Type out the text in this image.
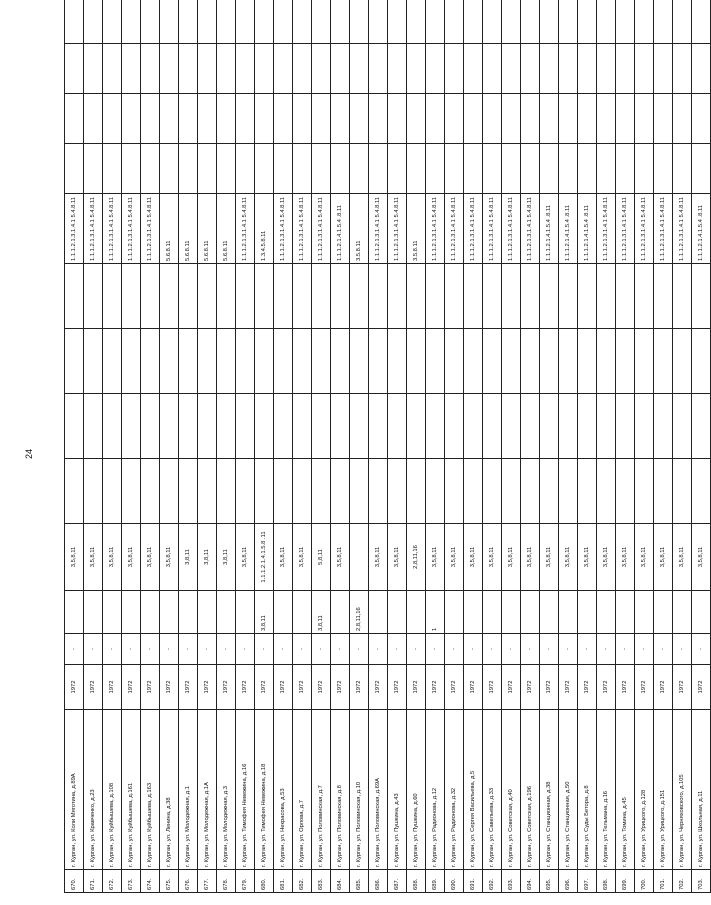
24
670.	г. Курган, ул. Коли Мяготина, д.89А	1972	-		3,5,8,11					1.1.1.2.1.3.1.4.1 5.4.8.11					
671.	г. Курган, ул. Кравченко, д.23	1972	-		3,5,8,11					1.1.1.2.1.3.1.4.1 5.4.8.11					
672.	г. Курган, ул. Куйбышева, д.108	1972	-		3,5,8,11					1.1.1.2.1.3.1.4.1 5.4.8.11					
673.	г. Курган, ул. Куйбышева, д.161	1972	-		3,5,8,11					1.1.1.2.1.3.1.4.1 5.4.8.11					
674.	г. Курган, ул. Куйбышева, д.163	1972	-		3,5,8,11					1.1.1.2.1.3.1.4.1 5.4.8.11					
675.	г. Курган, ул. Ленина, д.38	1972	-		3,5,8,11					5.6.8.11					
676.	г. Курган, ул. Молодежная, д.1	1972	-		3,8,11					5.6.8.11					
677.	г. Курган, ул. Молодежная, д.1А	1972	-		3,8,11					5.6.8.11					
678.	г. Курган, ул. Молодежная, д.3	1972	-		3,8,11					5.6.8.11					
679.	г. Курган, ул. Тимофея Невежина, д.16	1972	-		3,5,8,11					1.1.1.2.1.3.1.4.1 5.4.8.11					
680.	г. Курган, ул. Тимофея Невежина, д.18	1972	-	3,8,11	1.1.1.2.1.4.1.5.8 .11					1.3.4.5.8.11					
681.	г. Курган, ул. Некрасова, д.53	1972	-		3,5,8,11					1.1.1.2.1.3.1.4.1 5.4.8.11					
682.	г. Курган, ул. Орлова, д.7	1972	-		3,5,8,11					1.1.1.2.1.3.1.4.1 5.4.8.11					
683.	г. Курган, ул. Половинская, д.7	1972	-	3,8,11	5,8,11					1.1.1.2.1.3.1.4.1 5.4.8.11					
684.	г. Курган, ул. Половинская, д.8	1972	-		3,5,8,11					1.1.1.2.1.4.1.5.4 .8.11					
685.	г. Курган, ул. Половинская, д.10	1972	-	2,8,11,16						3.5.8.11					
686.	г. Курган, ул. Половинская, д.69А	1972	-		3,5,8,11					1.1.1.2.1.3.1.4.1 5.4.8.11					
687.	г. Курган, ул. Пушкина, д.43	1972	-		3,5,8,11					1.1.1.2.1.3.1.4.1 5.4.8.11					
688.	г. Курган, ул. Пушкина, д.60	1972	-		2,8,11,16					3.5.8.11					
689.	г. Курган, ул. Радионова, д.12	1972	-	1	3,5,8,11					1.1.1.2.1.3.1.4.1 5.4.8.11					
690.	г. Курган, ул. Радионова, д.32	1972	-		3,5,8,11					1.1.1.2.1.3.1.4.1 5.4.8.11					
691.	г. Курган, ул. Сергея Васильева, д.5	1972	-		3,5,8,11					1.1.1.2.1.3.1.4.1 5.4.8.11					
692.	г. Курган, ул. Савельева, д.33	1972	-		3,5,8,11					1.1.1.2.1.3.1.4.1 5.4.8.11					
693.	г. Курган, ул. Советская, д.40	1972	-		3,5,8,11					1.1.1.2.1.3.1.4.1 5.4.8.11					
694.	г. Курган, ул. Советская, д.196	1972	-		3,5,8,11					1.1.1.2.1.3.1.4.1 5.4.8.11					
695.	г. Курган, ул. Станционная, д.38	1972	-		3,5,8,11					1.1.1.2.1.4.1.5.4 .8.11					
696.	г. Курган, ул. Станционная, д.50	1972	-		3,5,8,11					1.1.1.2.1.4.1.5.4 .8.11					
697.	г. Курган, ул. Суды Бетора, д.8	1972	-		3,5,8,11					1.1.1.2.1.4.1.5.4 .8.11					
698.	г. Курган, ул. Тельмана, д.16	1972	-		3,5,8,11					1.1.1.2.1.3.1.4.1 5.4.8.11					
699.	г. Курган, ул. Томина, д.45	1972	-		3,5,8,11					1.1.1.2.1.3.1.4.1 5.4.8.11					
700.	г. Курган, ул. Урицкого, д.128	1972	-		3,5,8,11					1.1.1.2.1.3.1.4.1 5.4.8.11					
701.	г. Курган, ул. Урицкого, д.151	1972	-		3,5,8,11					1.1.1.2.1.3.1.4.1 5.4.8.11					
702.	г. Курган, ул. Черняховского, д.105	1972	-		3,5,8,11					1.1.1.2.1.3.1.4.1 5.4.8.11					
703.	г. Курган, ул. Школьная, д.11	1972	-		3,5,8,11					1.1.1.2.1.4.1.5.4 .8.11					
